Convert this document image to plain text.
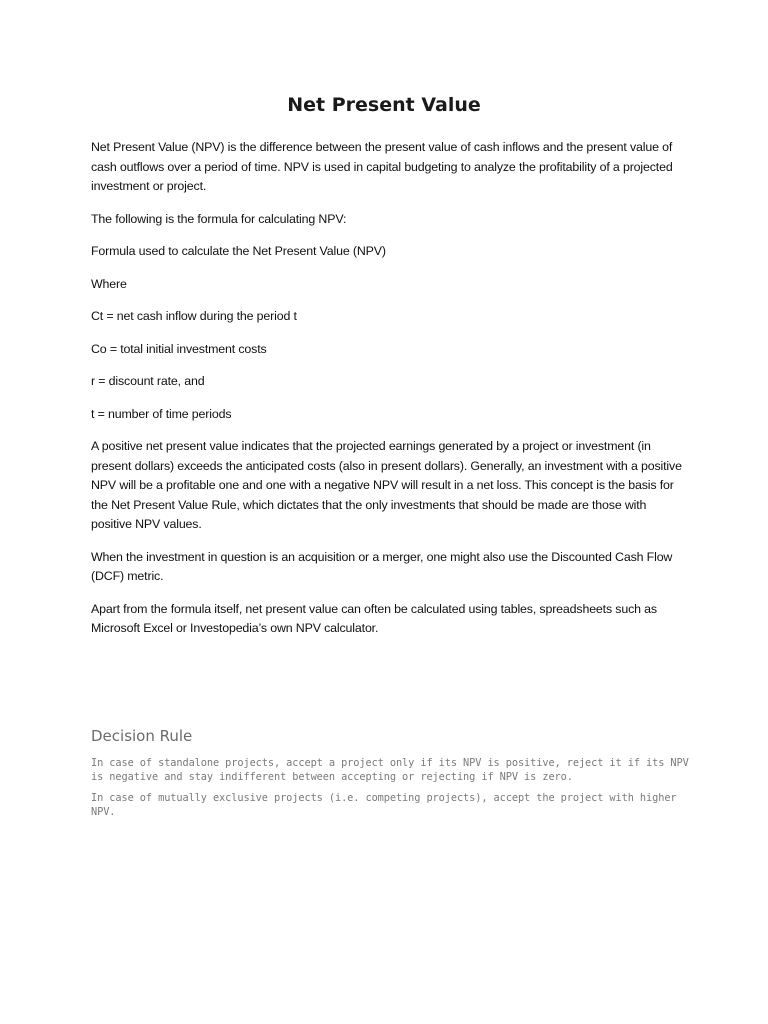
Net Present Value

Net Present Value (NPV) is the difference between the present value of cash inflows and the present value of cash outflows over a period of time. NPV is used in capital budgeting to analyze the profitability of a projected investment or project.

The following is the formula for calculating NPV:

Formula used to calculate the Net Present Value (NPV)

Where

Ct = net cash inflow during the period t

Co = total initial investment costs

r = discount rate, and

t = number of time periods

A positive net present value indicates that the projected earnings generated by a project or investment (in present dollars) exceeds the anticipated costs (also in present dollars). Generally, an investment with a positive NPV will be a profitable one and one with a negative NPV will result in a net loss. This concept is the basis for the Net Present Value Rule, which dictates that the only investments that should be made are those with positive NPV values.

When the investment in question is an acquisition or a merger, one might also use the Discounted Cash Flow (DCF) metric.

Apart from the formula itself, net present value can often be calculated using tables, spreadsheets such as Microsoft Excel or Investopedia’s own NPV calculator.

Decision Rule

In case of standalone projects, accept a project only if its NPV is positive, reject it if its NPV is negative and stay indifferent between accepting or rejecting if NPV is zero.

In case of mutually exclusive projects (i.e. competing projects), accept the project with higher NPV.
